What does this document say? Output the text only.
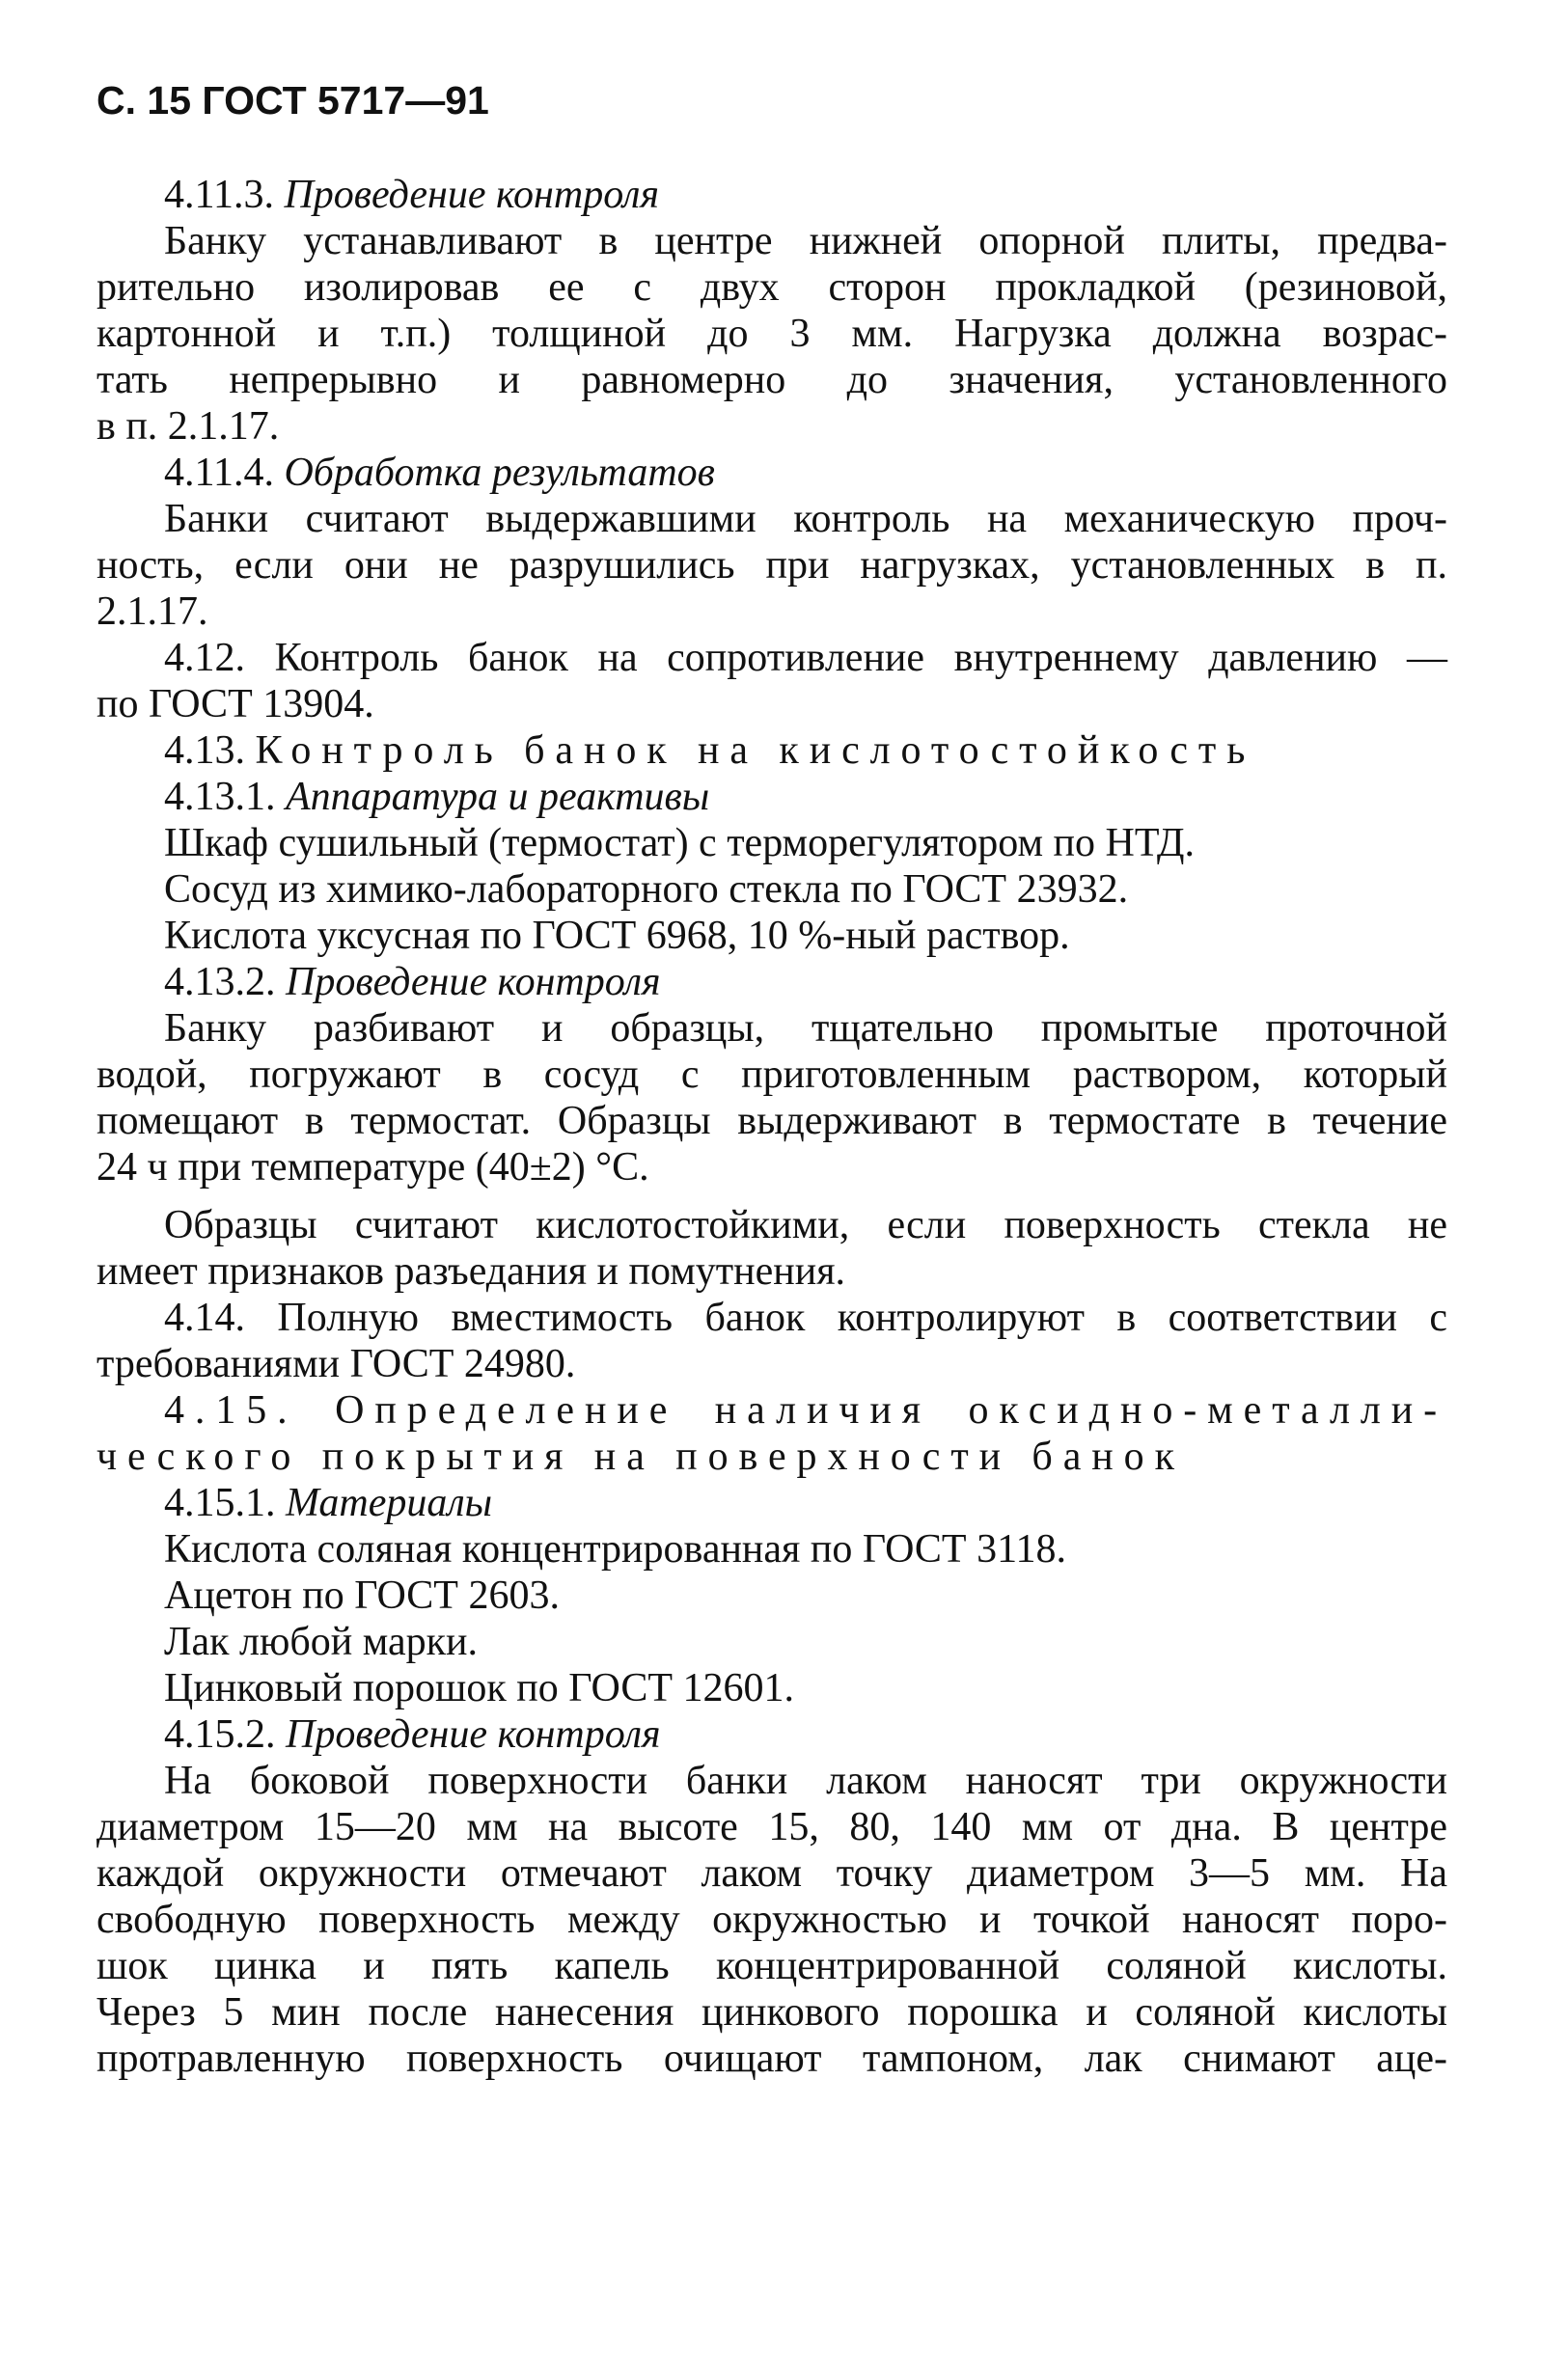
С. 15 ГОСТ 5717—91
4.11.3. Проведение контроля
Банку устанавливают в центре нижней опорной плиты, предва-
рительно изолировав ее с двух сторон прокладкой (резиновой,
картонной и т.п.) толщиной до 3 мм. Нагрузка должна возрас-
тать непрерывно и равномерно до значения, установленного
в п. 2.1.17.
4.11.4. Обработка результатов
Банки считают выдержавшими контроль на механическую проч-
ность, если они не разрушились при нагрузках, установленных в п.
2.1.17.
4.12. Контроль банок на сопротивление внутреннему давлению —
по ГОСТ 13904.
4.13. Контроль банок на кислотостойкость
4.13.1. Аппаратура и реактивы
Шкаф сушильный (термостат) с терморегулятором по НТД.
Сосуд из химико-лабораторного стекла по ГОСТ 23932.
Кислота уксусная по ГОСТ 6968, 10 %-ный раствор.
4.13.2. Проведение контроля
Банку разбивают и образцы, тщательно промытые проточной
водой, погружают в сосуд с приготовленным раствором, который
помещают в термостат. Образцы выдерживают в термостате в течение
24 ч при температуре (40±2) °С.
Образцы считают кислотостойкими, если поверхность стекла не
имеет признаков разъедания и помутнения.
4.14. Полную вместимость банок контролируют в соответствии с
требованиями ГОСТ 24980.
4.15. Определение наличия оксидно-металли-
ческого покрытия на поверхности банок
4.15.1. Материалы
Кислота соляная концентрированная по ГОСТ 3118.
Ацетон по ГОСТ 2603.
Лак любой марки.
Цинковый порошок по ГОСТ 12601.
4.15.2. Проведение контроля
На боковой поверхности банки лаком наносят три окружности
диаметром 15—20 мм на высоте 15, 80, 140 мм от дна. В центре
каждой окружности отмечают лаком точку диаметром 3—5 мм. На
свободную поверхность между окружностью и точкой наносят поро-
шок цинка и пять капель концентрированной соляной кислоты.
Через 5 мин после нанесения цинкового порошка и соляной кислоты
протравленную поверхность очищают тампоном, лак снимают аце-
